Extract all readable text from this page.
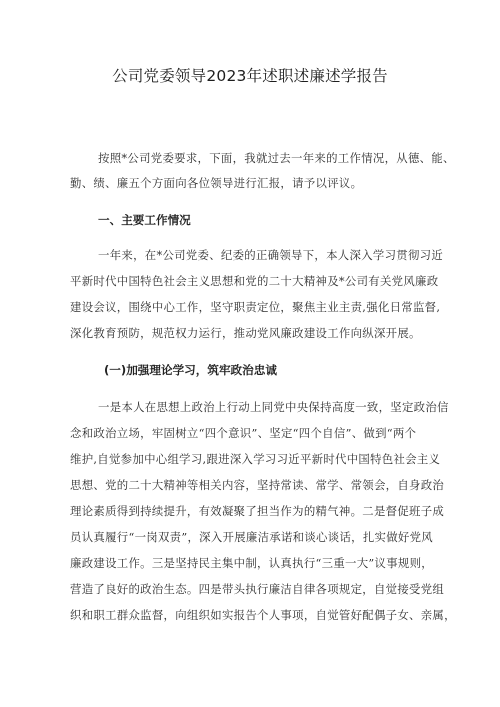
公司党委领导2023年述职述廉述学报告
按照*公司党委要求，下面，我就过去一年来的工作情况，从德、能、
勤、绩、廉五个方面向各位领导进行汇报，请予以评议。
一、主要工作情况
一年来，在*公司党委、纪委的正确领导下，本人深入学习贯彻习近
平新时代中国特色社会主义思想和党的二十大精神及*公司有关党风廉政
建设会议，围绕中心工作，坚守职责定位，聚焦主业主责,强化日常监督,
深化教育预防，规范权力运行，推动党风廉政建设工作向纵深开展。
(一)加强理论学习，筑牢政治忠诚
一是本人在思想上政治上行动上同党中央保持高度一致，坚定政治信
念和政治立场，牢固树立“四个意识”、坚定“四个自信”、做到“两个
维护,自觉参加中心组学习,跟进深入学习习近平新时代中国特色社会主义
思想、党的二十大精神等相关内容，坚持常读、常学、常领会，自身政治
理论素质得到持续提升，有效凝聚了担当作为的精气神。二是督促班子成
员认真履行“一岗双责”，深入开展廉洁承诺和谈心谈话，扎实做好党风
廉政建设工作。三是坚持民主集中制，认真执行“三重一大”议事规则，
营造了良好的政治生态。四是带头执行廉洁自律各项规定，自觉接受党组
织和职工群众监督，向组织如实报告个人事项，自觉管好配偶子女、亲属，
